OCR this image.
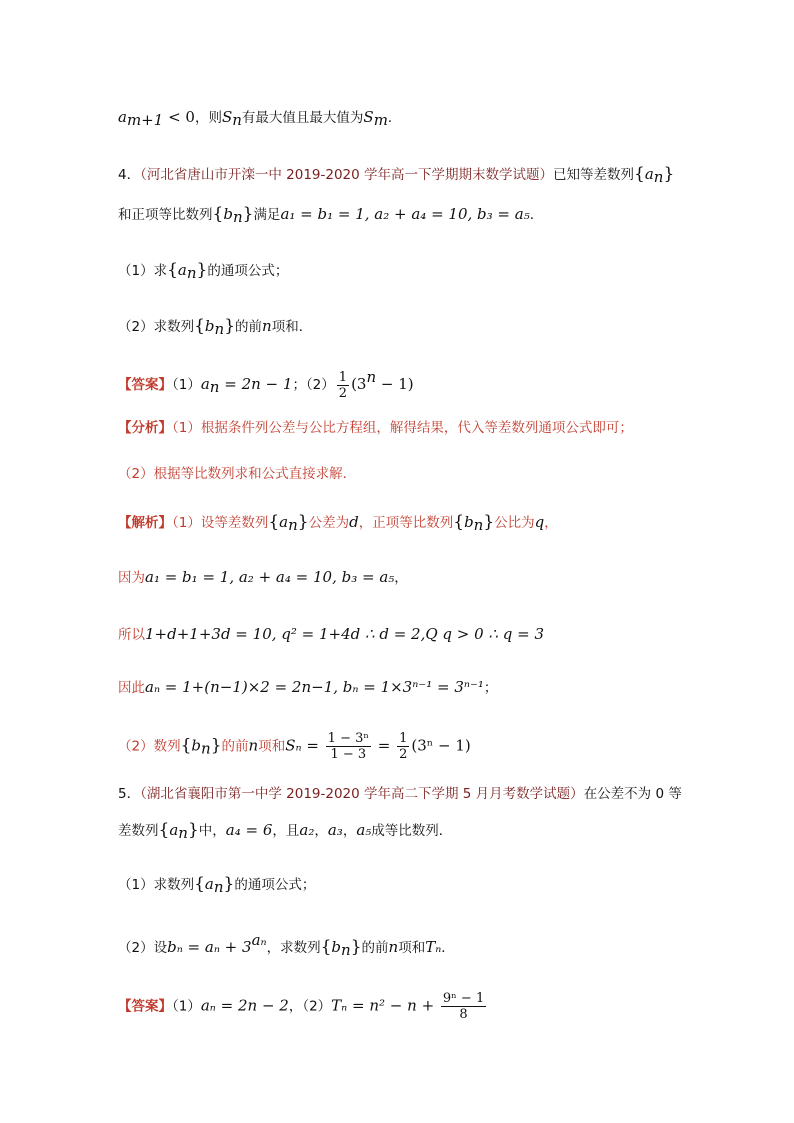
$a_{m+1} < 0$，则$S_n$有最大值且最大值为$S_m$．
4．（河北省唐山市开滦一中 2019-2020 学年高一下学期期末数学试题）已知等差数列$\{a_n\}$
和正项等比数列$\{b_n\}$满足a₁ = b₁ = 1, a₂ + a₄ = 10, b₃ = a₅．
（1）求$\{a_n\}$的通项公式；
（2）求数列$\{b_n\}$的前n项和．
【答案】$(1)a_n = 2n - 1$；$(2) \frac{1}{2} (3^n - 1)$
【分析】（1）根据条件列公差与公比方程组，解得结果，代入等差数列通项公式即可；
（2）根据等比数列求和公式直接求解．
【解析】（1）设等差数列$\{a_n\}$公差为d，正项等比数列$\{b_n\}$公比为q，
因为a₁ = b₁ = 1, a₂ + a₄ = 10, b₃ = a₅，
所以1+d+1+3d = 10, q² = 1+4d ∴ d = 2,Q q > 0 ∴ q = 3
因此aₙ = 1+(n−1)×2 = 2n−1, bₙ = 1×3ⁿ⁻¹ = 3ⁿ⁻¹；
（2）数列$\{b_n\}$的前n项和$S_n = \frac{\text{1 − 3ⁿ}}{1 - 3} = \frac{1}{2} (3^n - 1)$
5．（湖北省襄阳市第一中学 2019-2020 学年高二下学期 5 月月考数学试题）在公差不为 0 等
差数列$\{a_n\}$中，a₄ = 6，且a₂，a₃，a₅成等比数列．
（1）求数列$\{a_n\}$的通项公式；
（2）设$b_n = a_n + 3^{a_n}$，求数列$\{b_n\}$的前n项和Tₙ．
【答案】（1）aₙ = 2n − 2，$(2)T_n = n^2 - n + \frac{\text{9ⁿ − 1}}{8}$
